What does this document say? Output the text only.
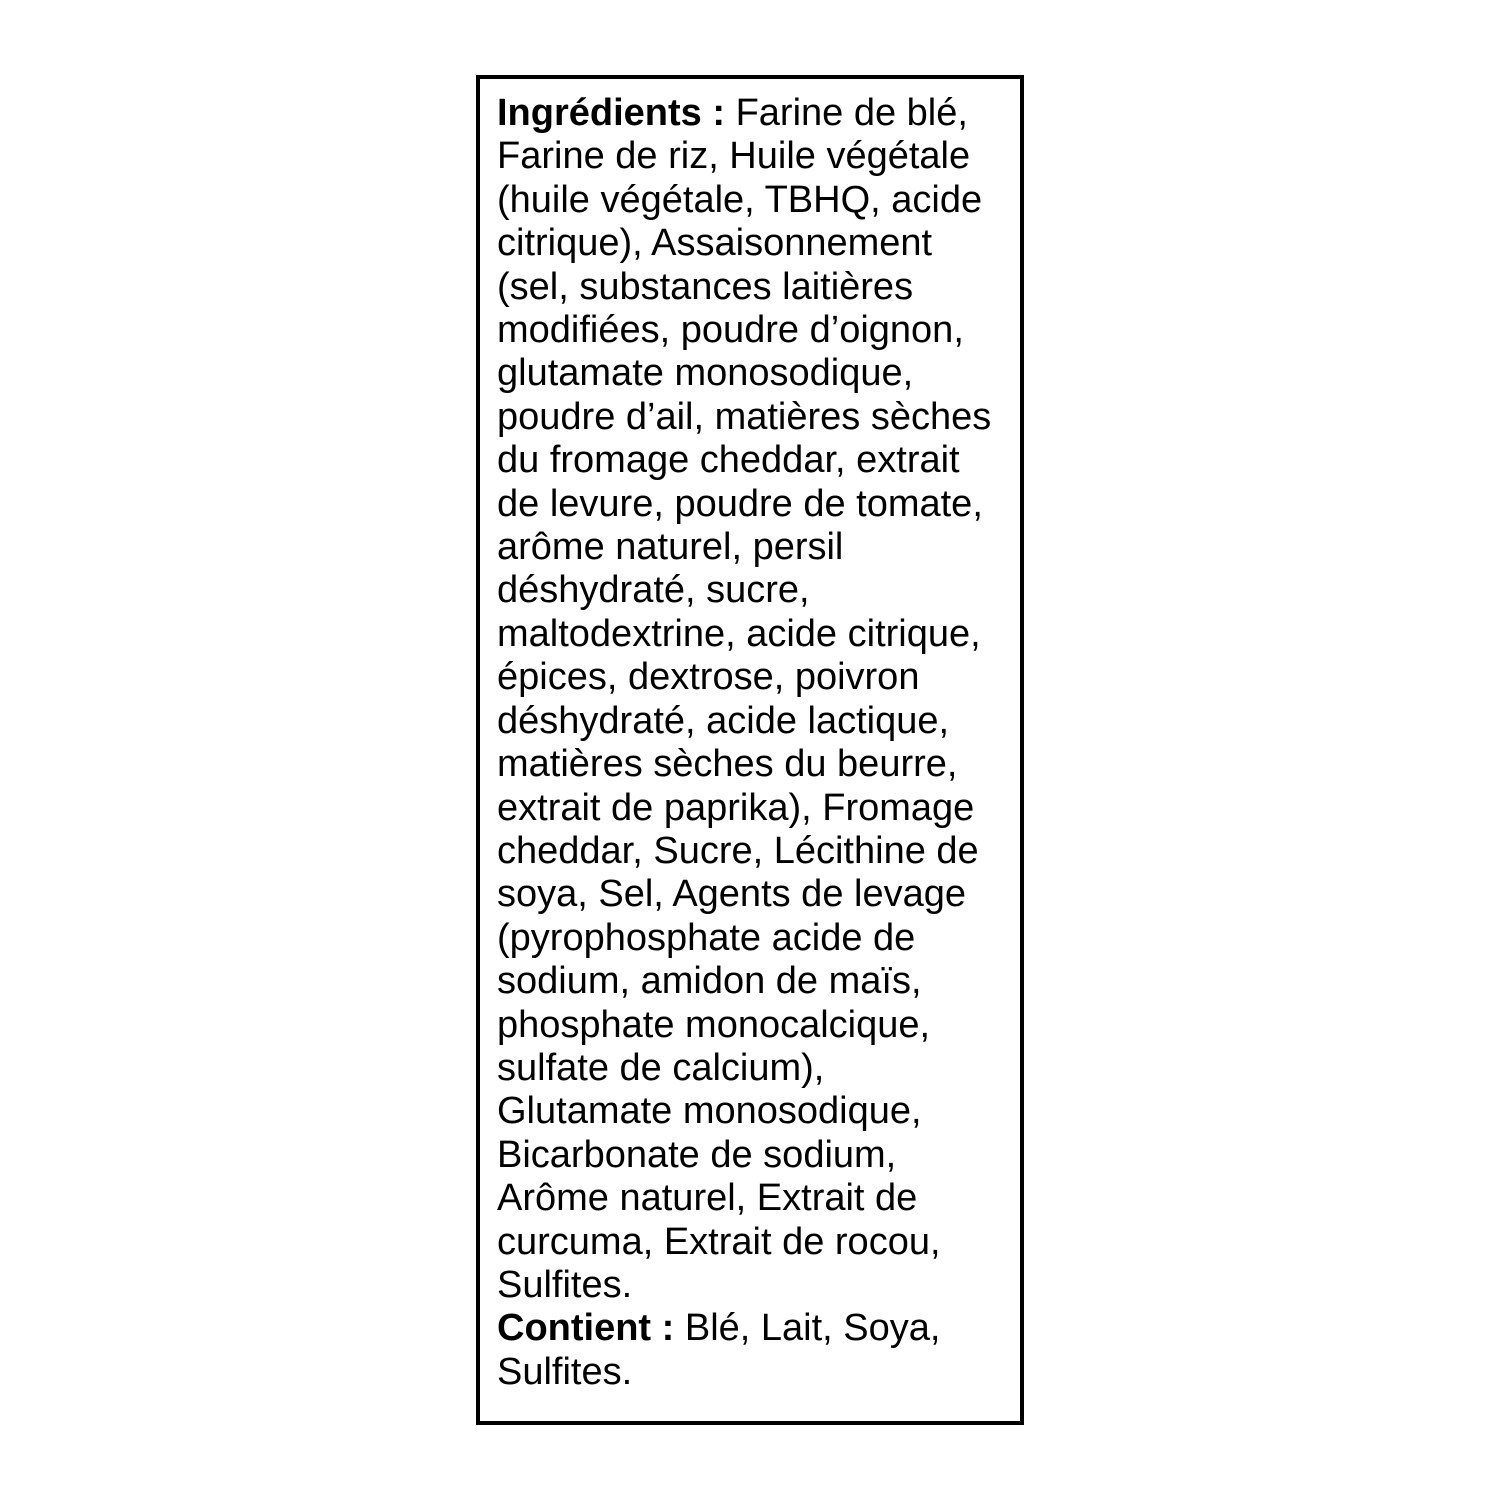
Ingrédients : Farine de blé,
Farine de riz, Huile végétale
(huile végétale, TBHQ, acide
citrique), Assaisonnement
(sel, substances laitières
modifiées, poudre d’oignon,
glutamate monosodique,
poudre d’ail, matières sèches
du fromage cheddar, extrait
de levure, poudre de tomate,
arôme naturel, persil
déshydraté, sucre,
maltodextrine, acide citrique,
épices, dextrose, poivron
déshydraté, acide lactique,
matières sèches du beurre,
extrait de paprika), Fromage
cheddar, Sucre, Lécithine de
soya, Sel, Agents de levage
(pyrophosphate acide de
sodium, amidon de maïs,
phosphate monocalcique,
sulfate de calcium),
Glutamate monosodique,
Bicarbonate de sodium,
Arôme naturel, Extrait de
curcuma, Extrait de rocou,
Sulfites.
Contient : Blé, Lait, Soya,
Sulfites.
